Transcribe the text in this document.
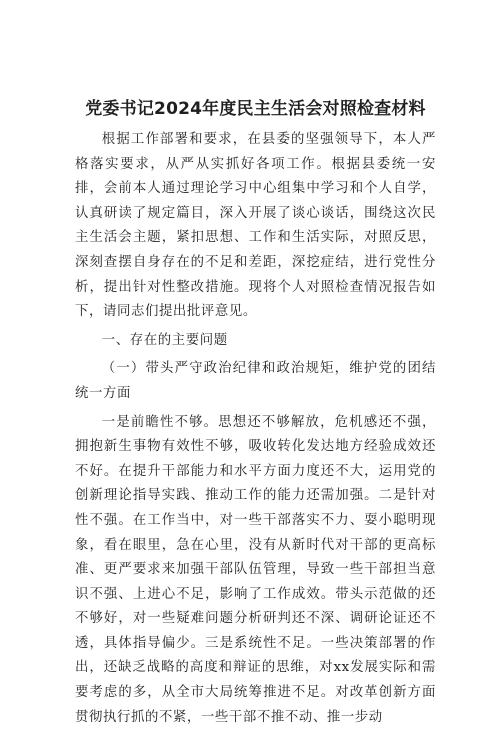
党委书记2024年度民主生活会对照检查材料

根据工作部署和要求，在县委的坚强领导下，本人严格落实要求，从严从实抓好各项工作。根据县委统一安排，会前本人通过理论学习中心组集中学习和个人自学，认真研读了规定篇目，深入开展了谈心谈话，围绕这次民主生活会主题，紧扣思想、工作和生活实际，对照反思，深刻查摆自身存在的不足和差距，深挖症结，进行党性分析，提出针对性整改措施。现将个人对照检查情况报告如下，请同志们提出批评意见。

一、存在的主要问题

（一）带头严守政治纪律和政治规矩，维护党的团结统一方面

一是前瞻性不够。思想还不够解放，危机感还不强，拥抱新生事物有效性不够，吸收转化发达地方经验成效还不好。在提升干部能力和水平方面力度还不大，运用党的创新理论指导实践、推动工作的能力还需加强。二是针对性不强。在工作当中，对一些干部落实不力、耍小聪明现象，看在眼里，急在心里，没有从新时代对干部的更高标准、更严要求来加强干部队伍管理，导致一些干部担当意识不强、上进心不足，影响了工作成效。带头示范做的还不够好，对一些疑难问题分析研判还不深、调研论证还不透，具体指导偏少。三是系统性不足。一些决策部署的作出，还缺乏战略的高度和辩证的思维，对xx发展实际和需要考虑的多，从全市大局统筹推进不足。对改革创新方面贯彻执行抓的不紧，一些干部不推不动、推一步动
